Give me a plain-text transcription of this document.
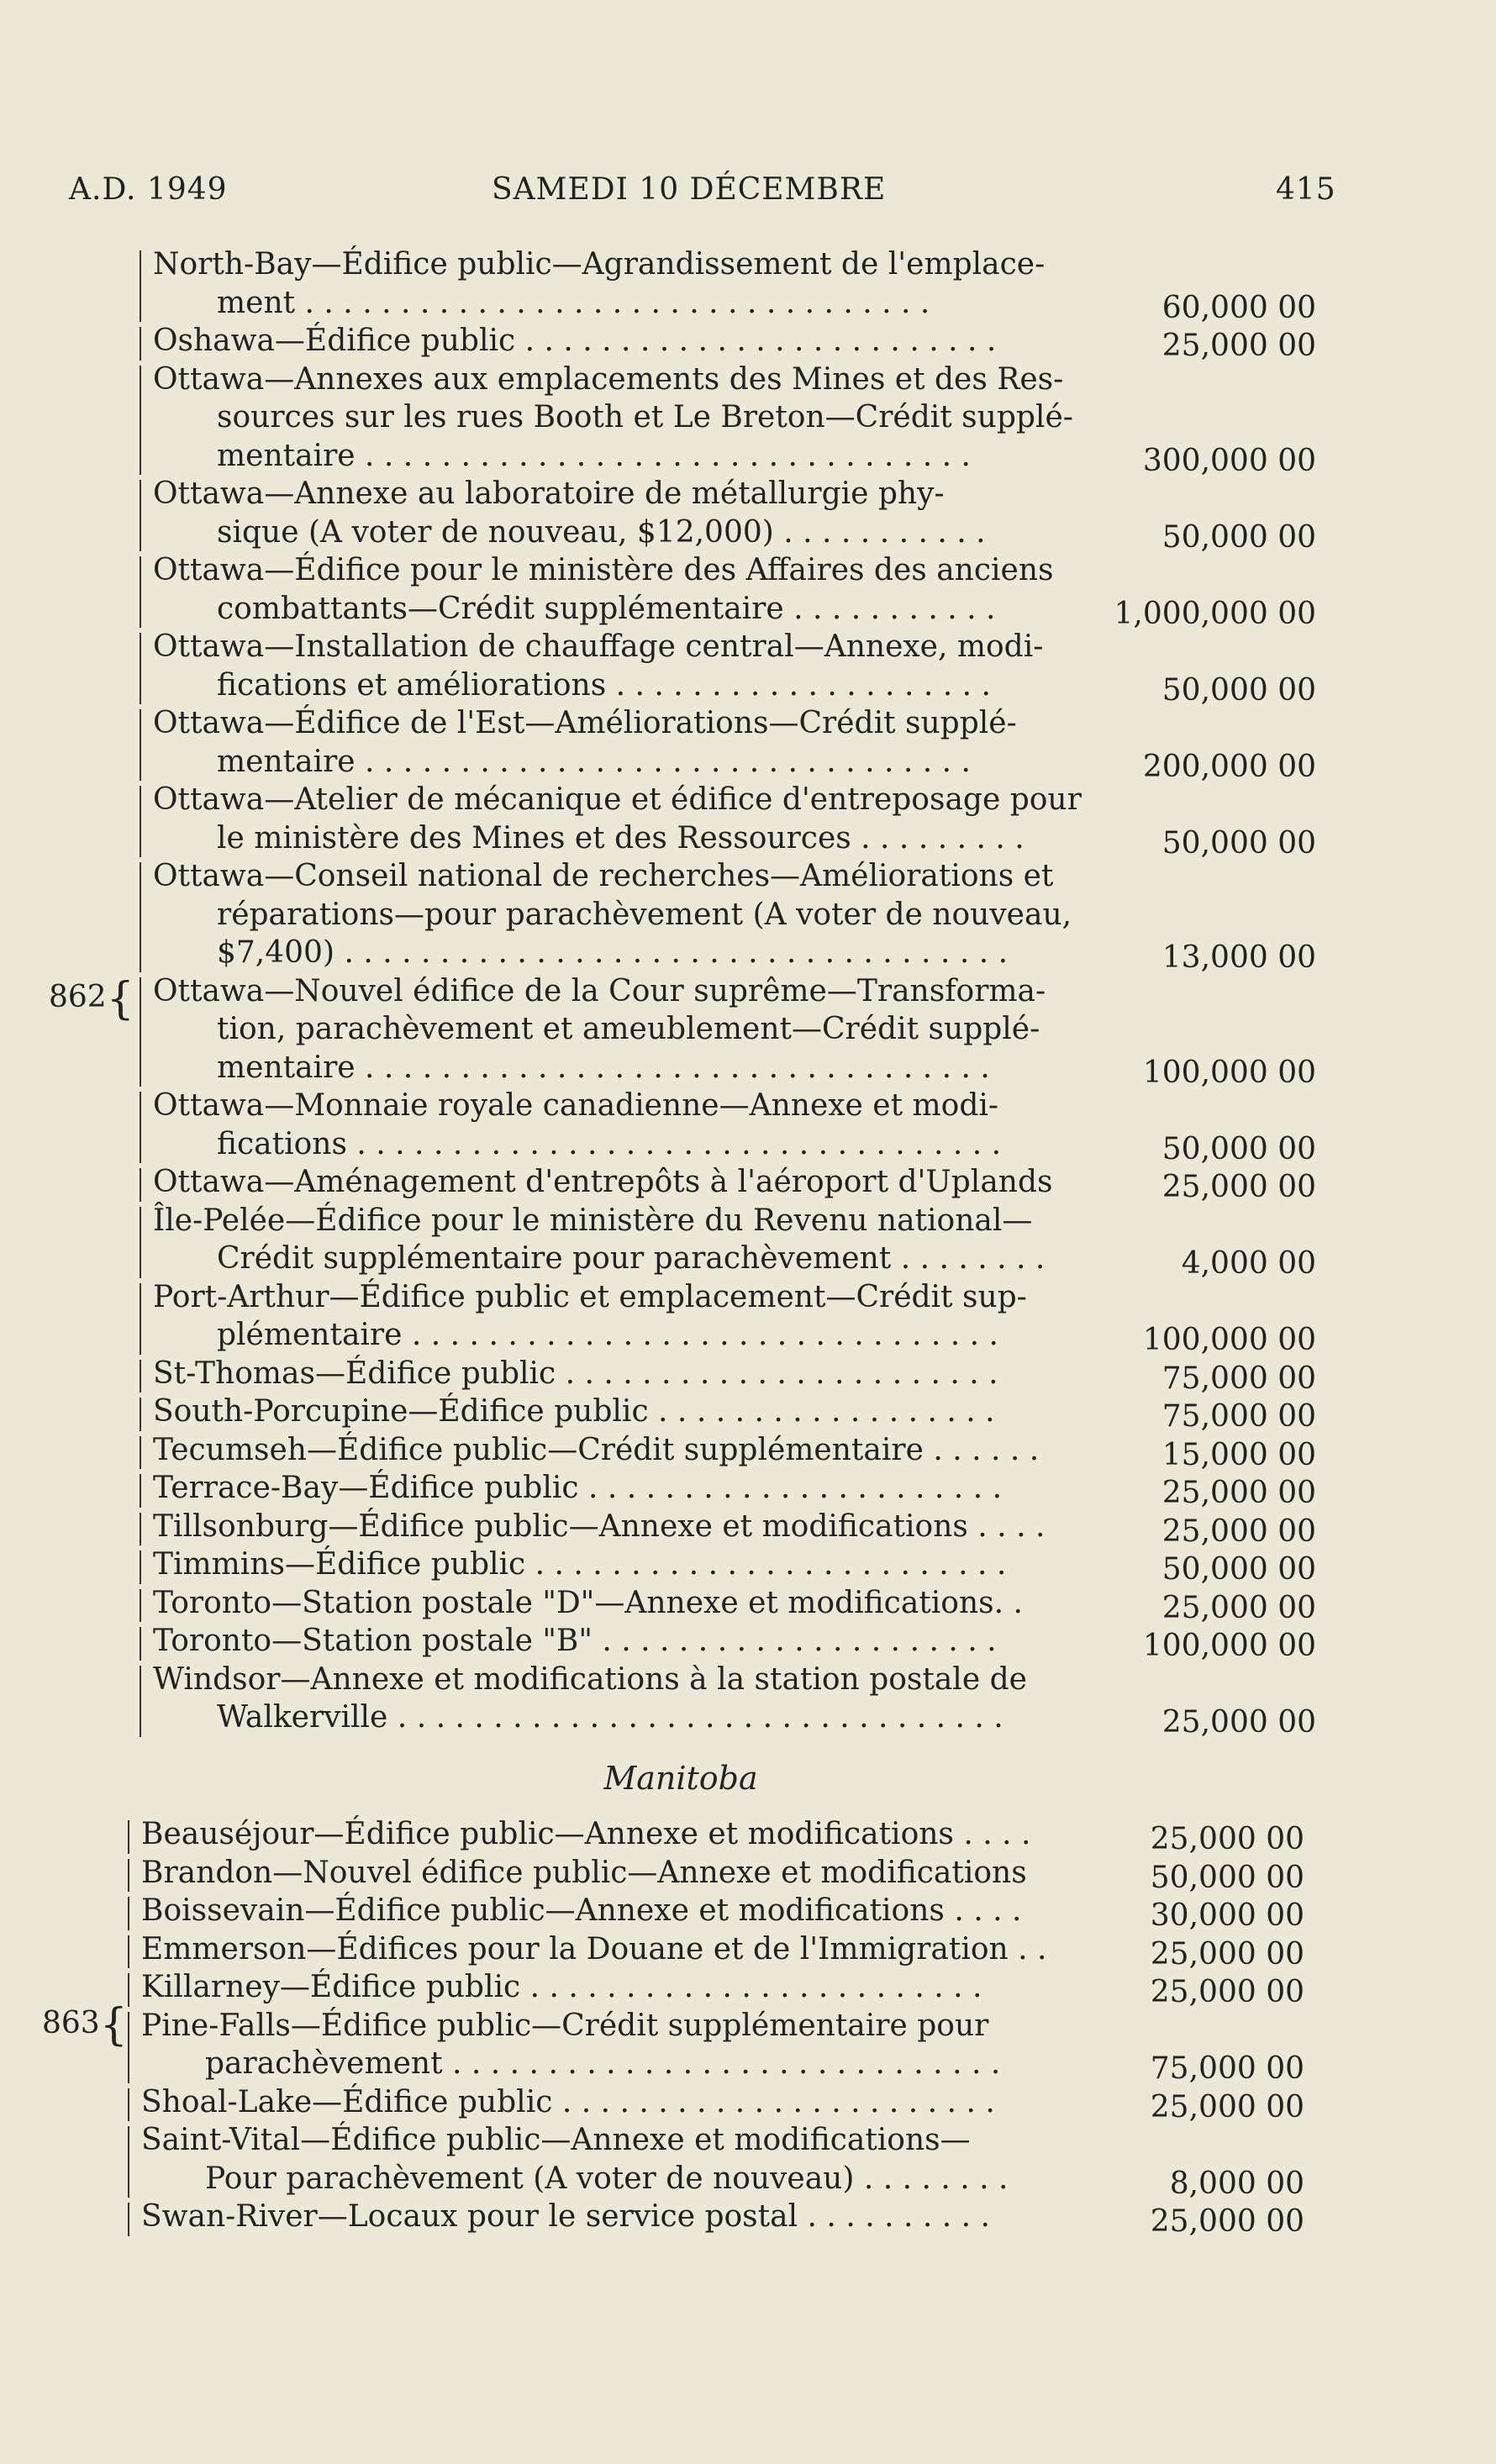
A.D. 1949	SAMEDI 10 DÉCEMBRE	415
862{
863{
North-Bay—Édifice public—Agrandissement de l'emplace-
ment . . . . . . . . . . . . . . . . . . . . . . . . . . . . . . . . .	60,000 00
Oshawa—Édifice public . . . . . . . . . . . . . . . . . . . . . . . . .	25,000 00
Ottawa—Annexes aux emplacements des Mines et des Res-
sources sur les rues Booth et Le Breton—Crédit supplé-
mentaire . . . . . . . . . . . . . . . . . . . . . . . . . . . . . . . .	300,000 00
Ottawa—Annexe au laboratoire de métallurgie phy-
sique (A voter de nouveau, $12,000) . . . . . . . . . . .	50,000 00
Ottawa—Édifice pour le ministère des Affaires des anciens
combattants—Crédit supplémentaire . . . . . . . . . . .	1,000,000 00
Ottawa—Installation de chauffage central—Annexe, modi-
fications et améliorations . . . . . . . . . . . . . . . . . . . .	50,000 00
Ottawa—Édifice de l'Est—Améliorations—Crédit supplé-
mentaire . . . . . . . . . . . . . . . . . . . . . . . . . . . . . . . .	200,000 00
Ottawa—Atelier de mécanique et édifice d'entreposage pour
le ministère des Mines et des Ressources . . . . . . . . .	50,000 00
Ottawa—Conseil national de recherches—Améliorations et
réparations—pour parachèvement (A voter de nouveau,
$7,400) . . . . . . . . . . . . . . . . . . . . . . . . . . . . . . . . . . .	13,000 00
Ottawa—Nouvel édifice de la Cour suprême—Transforma-
tion, parachèvement et ameublement—Crédit supplé-
mentaire . . . . . . . . . . . . . . . . . . . . . . . . . . . . . . . . .	100,000 00
Ottawa—Monnaie royale canadienne—Annexe et modi-
fications . . . . . . . . . . . . . . . . . . . . . . . . . . . . . . . . . .	50,000 00
Ottawa—Aménagement d'entrepôts à l'aéroport d'Uplands	25,000 00
Île-Pelée—Édifice pour le ministère du Revenu national—
Crédit supplémentaire pour parachèvement . . . . . . . .	4,000 00
Port-Arthur—Édifice public et emplacement—Crédit sup-
plémentaire . . . . . . . . . . . . . . . . . . . . . . . . . . . . . . .	100,000 00
St-Thomas—Édifice public . . . . . . . . . . . . . . . . . . . . . . .	75,000 00
South-Porcupine—Édifice public . . . . . . . . . . . . . . . . . .	75,000 00
Tecumseh—Édifice public—Crédit supplémentaire . . . . . .	15,000 00
Terrace-Bay—Édifice public . . . . . . . . . . . . . . . . . . . . . .	25,000 00
Tillsonburg—Édifice public—Annexe et modifications . . . .	25,000 00
Timmins—Édifice public . . . . . . . . . . . . . . . . . . . . . . . . .	50,000 00
Toronto—Station postale "D"—Annexe et modifications. .	25,000 00
Toronto—Station postale "B" . . . . . . . . . . . . . . . . . . . . .	100,000 00
Windsor—Annexe et modifications à la station postale de
Walkerville . . . . . . . . . . . . . . . . . . . . . . . . . . . . . . . .	25,000 00
Manitoba
Beauséjour—Édifice public—Annexe et modifications . . . .	25,000 00
Brandon—Nouvel édifice public—Annexe et modifications	50,000 00
Boissevain—Édifice public—Annexe et modifications . . . .	30,000 00
Emmerson—Édifices pour la Douane et de l'Immigration . .	25,000 00
Killarney—Édifice public . . . . . . . . . . . . . . . . . . . . . . . .	25,000 00
Pine-Falls—Édifice public—Crédit supplémentaire pour
parachèvement . . . . . . . . . . . . . . . . . . . . . . . . . . . . .	75,000 00
Shoal-Lake—Édifice public . . . . . . . . . . . . . . . . . . . . . . .	25,000 00
Saint-Vital—Édifice public—Annexe et modifications—
Pour parachèvement (A voter de nouveau) . . . . . . . .	8,000 00
Swan-River—Locaux pour le service postal . . . . . . . . . .	25,000 00
